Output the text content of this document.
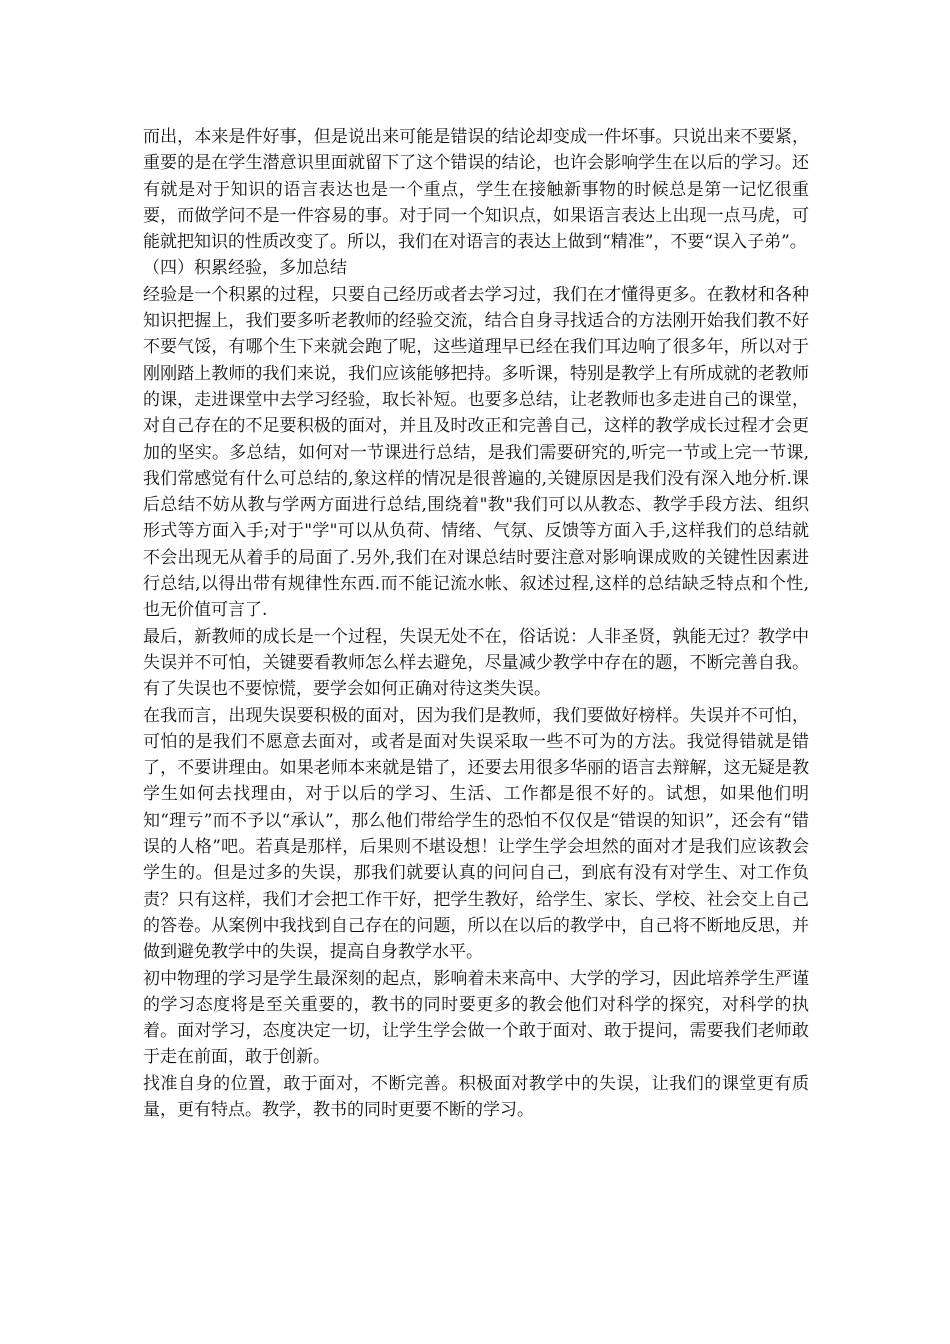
而出，本来是件好事，但是说出来可能是错误的结论却变成一件坏事。只说出来不要紧，重要的是在学生潜意识里面就留下了这个错误的结论，也许会影响学生在以后的学习。还有就是对于知识的语言表达也是一个重点，学生在接触新事物的时候总是第一记忆很重要，而做学问不是一件容易的事。对于同一个知识点，如果语言表达上出现一点马虎，可能就把知识的性质改变了。所以，我们在对语言的表达上做到“精准”，不要“误入子弟”。

（四）积累经验，多加总结

经验是一个积累的过程，只要自己经历或者去学习过，我们在才懂得更多。在教材和各种知识把握上，我们要多听老教师的经验交流，结合自身寻找适合的方法刚开始我们教不好不要气馁，有哪个生下来就会跑了呢，这些道理早已经在我们耳边响了很多年，所以对于刚刚踏上教师的我们来说，我们应该能够把持。多听课，特别是教学上有所成就的老教师的课，走进课堂中去学习经验，取长补短。也要多总结，让老教师也多走进自己的课堂，对自己存在的不足要积极的面对，并且及时改正和完善自己，这样的教学成长过程才会更加的坚实。多总结，如何对一节课进行总结，是我们需要研究的,听完一节或上完一节课,我们常感觉有什么可总结的,象这样的情况是很普遍的,关键原因是我们没有深入地分析.课后总结不妨从教与学两方面进行总结,围绕着"教"我们可以从教态、教学手段方法、组织形式等方面入手;对于"学"可以从负荷、情绪、气氛、反馈等方面入手,这样我们的总结就不会出现无从着手的局面了.另外,我们在对课总结时要注意对影响课成败的关键性因素进行总结,以得出带有规律性东西.而不能记流水帐、叙述过程,这样的总结缺乏特点和个性,也无价值可言了.

最后，新教师的成长是一个过程，失误无处不在，俗话说：人非圣贤，孰能无过？教学中失误并不可怕，关键要看教师怎么样去避免，尽量减少教学中存在的题，不断完善自我。有了失误也不要惊慌，要学会如何正确对待这类失误。

在我而言，出现失误要积极的面对，因为我们是教师，我们要做好榜样。失误并不可怕，可怕的是我们不愿意去面对，或者是面对失误采取一些不可为的方法。我觉得错就是错了，不要讲理由。如果老师本来就是错了，还要去用很多华丽的语言去辩解，这无疑是教学生如何去找理由，对于以后的学习、生活、工作都是很不好的。试想，如果他们明知“理亏”而不予以“承认”，那么他们带给学生的恐怕不仅仅是“错误的知识”，还会有“错误的人格”吧。若真是那样，后果则不堪设想！让学生学会坦然的面对才是我们应该教会学生的。但是过多的失误，那我们就要认真的问问自己，到底有没有对学生、对工作负责？只有这样，我们才会把工作干好，把学生教好，给学生、家长、学校、社会交上自己的答卷。从案例中我找到自己存在的问题，所以在以后的教学中，自己将不断地反思，并做到避免教学中的失误，提高自身教学水平。

初中物理的学习是学生最深刻的起点，影响着未来高中、大学的学习，因此培养学生严谨的学习态度将是至关重要的，教书的同时要更多的教会他们对科学的探究，对科学的执着。面对学习，态度决定一切，让学生学会做一个敢于面对、敢于提问，需要我们老师敢于走在前面，敢于创新。

找准自身的位置，敢于面对，不断完善。积极面对教学中的失误，让我们的课堂更有质量，更有特点。教学，教书的同时更要不断的学习。
